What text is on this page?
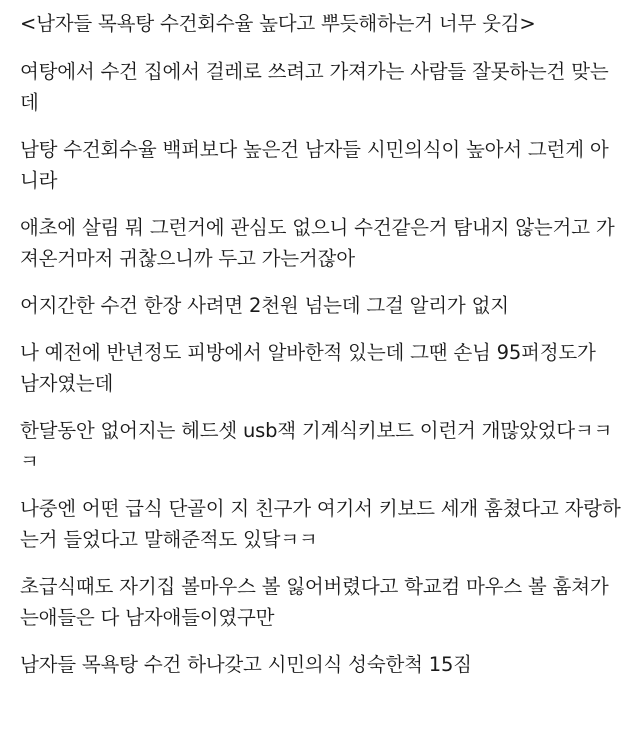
<남자들 목욕탕 수건회수율 높다고 뿌듯해하는거 너무 웃김>
여탕에서 수건 집에서 걸레로 쓰려고 가져가는 사람들 잘못하는건 맞는
데
남탕 수건회수율 백퍼보다 높은건 남자들 시민의식이 높아서 그런게 아
니라
애초에 살림 뭐 그런거에 관심도 없으니 수건같은거 탐내지 않는거고 가
져온거마저 귀찮으니까 두고 가는거잖아
어지간한 수건 한장 사려면 2천원 넘는데 그걸 알리가 없지
나 예전에 반년정도 피방에서 알바한적 있는데 그땐 손님 95퍼정도가
남자였는데
한달동안 없어지는 헤드셋 usb잭 기계식키보드 이런거 개많았었다ㅋㅋ
ㅋ
나중엔 어떤 급식 단골이 지 친구가 여기서 키보드 세개 훔쳤다고 자랑하
는거 들었다고 말해준적도 있닼ㅋㅋ
초급식때도 자기집 볼마우스 볼 잃어버렸다고 학교컴 마우스 볼 훔쳐가
는애들은 다 남자애들이였구만
남자들 목욕탕 수건 하나갖고 시민의식 성숙한척 15짐
